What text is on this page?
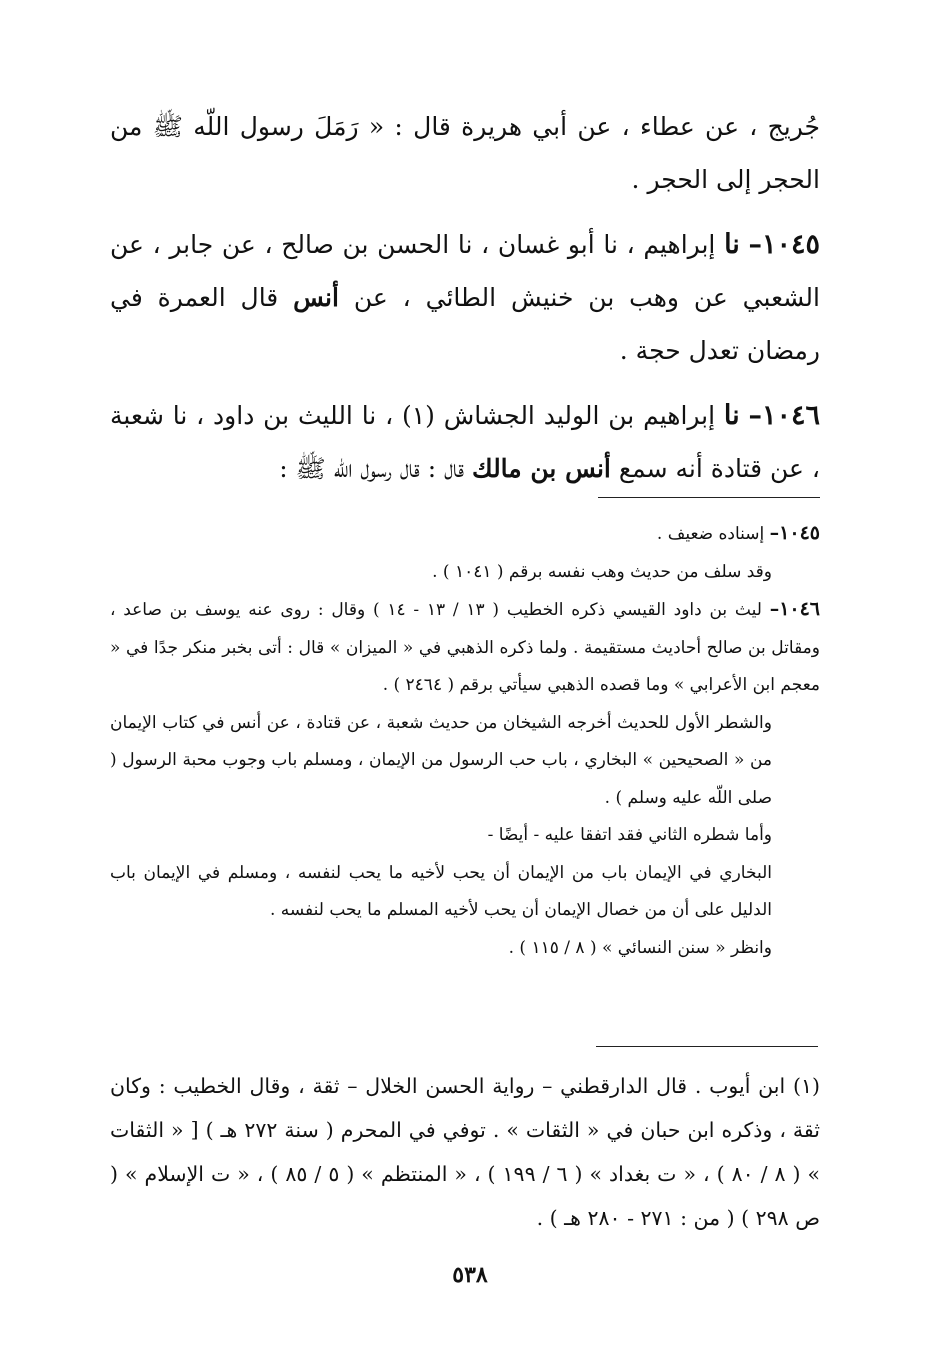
جُريج ، عن عطاء ، عن أبي هريرة قال : « رَمَلَ رسول اللّه ﷺ من الحجر إلى الحجر .

١٠٤٥– نا إبراهيم ، نا أبو غسان ، نا الحسن بن صالح ، عن جابر ، عن الشعبي عن وهب بن خنيش الطائي ، عن أنس قال العمرة في رمضان تعدل حجة .

١٠٤٦– نا إبراهيم بن الوليد الجشاش (١) ، نا الليث بن داود ، نا شعبة ، عن قتادة أنه سمع أنس بن مالك قال : قال رسول اللّه ﷺ :

١٠٤٥– إسناده ضعيف .

وقد سلف من حديث وهب نفسه برقم ( ١٠٤١ ) .

١٠٤٦– ليث بن داود القيسي ذكره الخطيب ( ١٣ / ١٣ - ١٤ ) وقال : روى عنه يوسف بن صاعد ، ومقاتل بن صالح أحاديث مستقيمة . ولما ذكره الذهبي في « الميزان » قال : أتى بخبر منكر جدًا في « معجم ابن الأعرابي » وما قصده الذهبي سيأتي برقم ( ٢٤٦٤ ) .

والشطر الأول للحديث أخرجه الشيخان من حديث شعبة ، عن قتادة ، عن أنس في كتاب الإيمان من « الصحيحين » البخاري ، باب حب الرسول من الإيمان ، ومسلم باب وجوب محبة الرسول ( صلى اللّه عليه وسلم ) .

وأما شطره الثاني فقد اتفقا عليه - أيضًا -

البخاري في الإيمان باب من الإيمان أن يحب لأخيه ما يحب لنفسه ، ومسلم في الإيمان باب الدليل على أن من خصال الإيمان أن يحب لأخيه المسلم ما يحب لنفسه .

وانظر « سنن النسائي » ( ٨ / ١١٥ ) .

(١) ابن أيوب . قال الدارقطني – رواية الحسن الخلال – ثقة ، وقال الخطيب : وكان ثقة ، وذكره ابن حبان في « الثقات » . توفي في المحرم ( سنة ٢٧٢ هـ ) [ « الثقات » ( ٨ / ٨٠ ) ، « ت بغداد » ( ٦ / ١٩٩ ) ، « المنتظم » ( ٥ / ٨٥ ) ، « ت الإسلام » ( ص ٢٩٨ ) ( من : ٢٧١ - ٢٨٠ هـ ) .

٥٣٨
